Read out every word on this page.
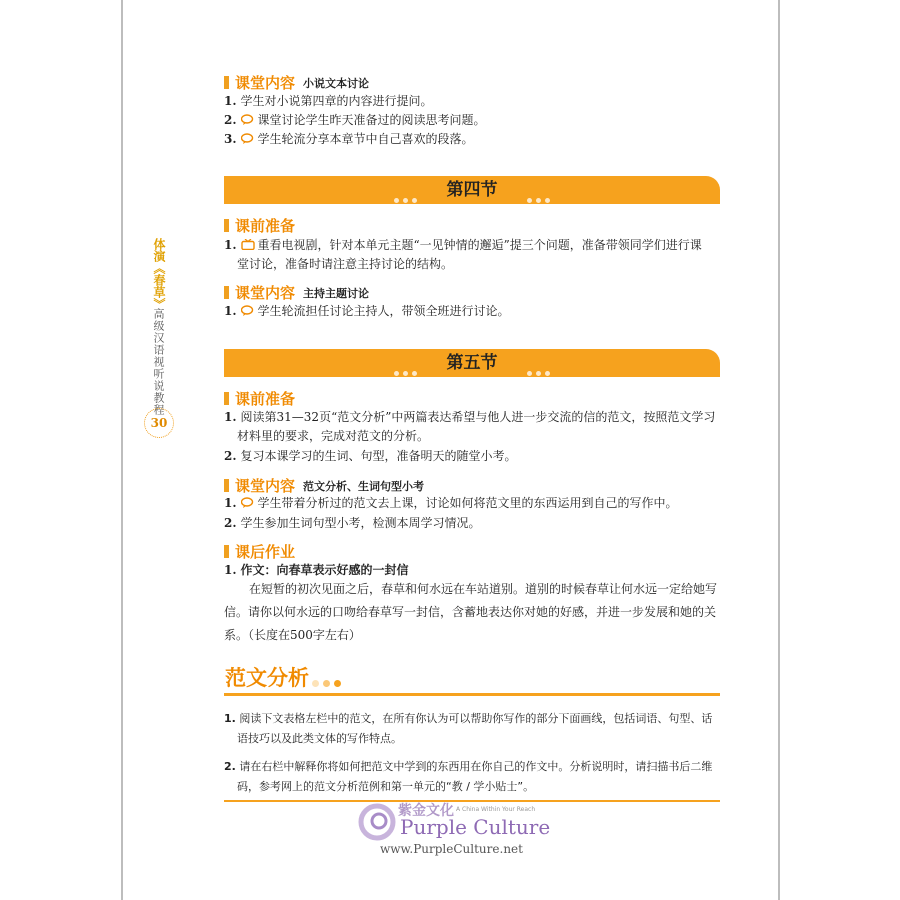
体演《春草》
高级汉语视听说教程
30
课堂内容 小说文本讨论
1. 学生对小说第四章的内容进行提问。
2. 课堂讨论学生昨天准备过的阅读思考问题。
3. 学生轮流分享本章节中自己喜欢的段落。
第四节
课前准备
1. 重看电视剧，针对本单元主题“一见钟情的邂逅”提三个问题，准备带领同学们进行课
堂讨论，准备时请注意主持讨论的结构。
课堂内容 主持主题讨论
1. 学生轮流担任讨论主持人，带领全班进行讨论。
第五节
课前准备
1. 阅读第31—32页“范文分析”中两篇表达希望与他人进一步交流的信的范文，按照范文学习
材料里的要求，完成对范文的分析。
2. 复习本课学习的生词、句型，准备明天的随堂小考。
课堂内容 范文分析、生词句型小考
1. 学生带着分析过的范文去上课，讨论如何将范文里的东西运用到自己的写作中。
2. 学生参加生词句型小考，检测本周学习情况。
课后作业
1. 作文：向春草表示好感的一封信
在短暂的初次见面之后，春草和何水远在车站道别。道别的时候春草让何水远一定给她写
信。请你以何水远的口吻给春草写一封信，含蓄地表达你对她的好感，并进一步发展和她的关
系。（长度在500字左右）
范文分析
1. 阅读下文表格左栏中的范文，在所有你认为可以帮助你写作的部分下面画线，包括词语、句型、话
语技巧以及此类文体的写作特点。
2. 请在右栏中解释你将如何把范文中学到的东西用在你自己的作文中。分析说明时，请扫描书后二维
码，参考网上的范文分析范例和第一单元的“教 / 学小贴士”。
紫金文化 A China Within Your Reach
Purple Culture
www.PurpleCulture.net
